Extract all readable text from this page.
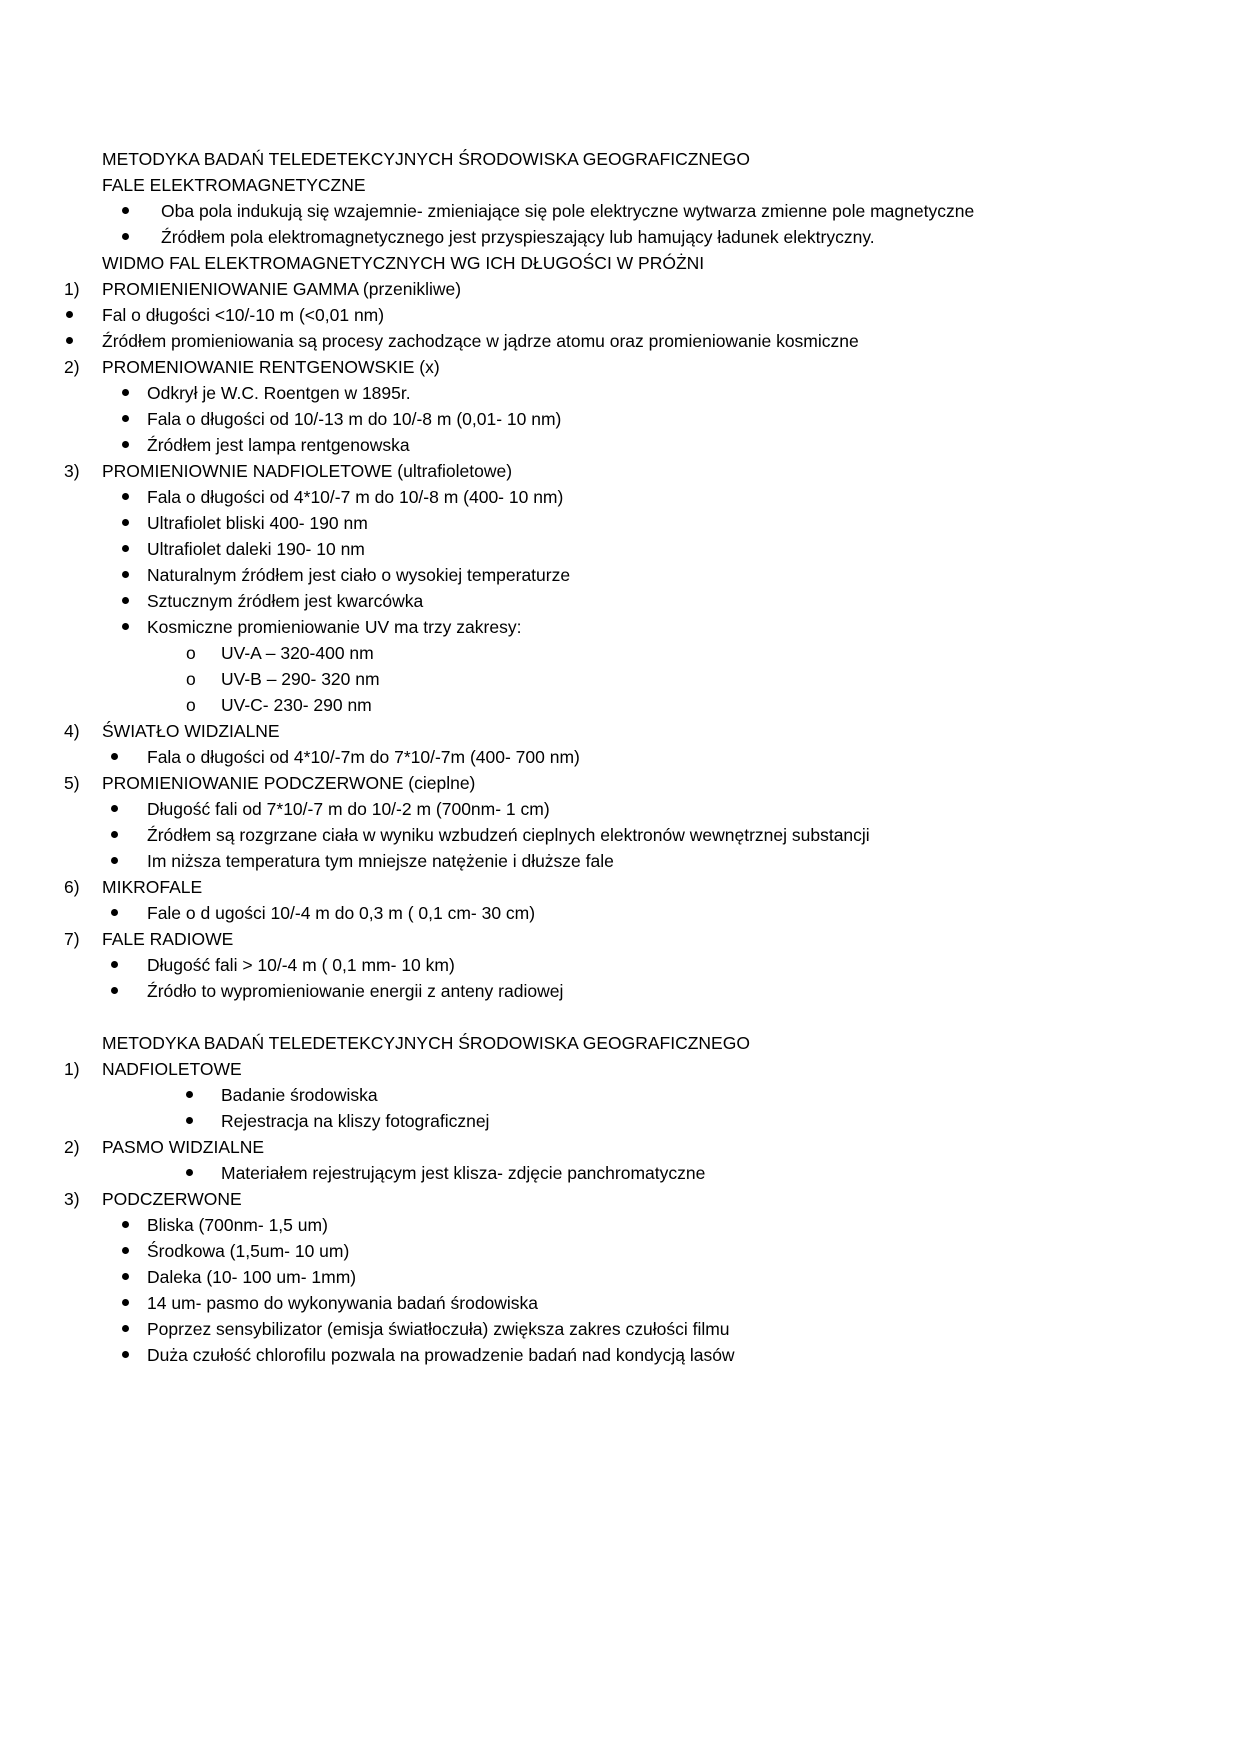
METODYKA BADAŃ TELEDETEKCYJNYCH ŚRODOWISKA GEOGRAFICZNEGO
FALE ELEKTROMAGNETYCZNE
Oba pola indukują się wzajemnie- zmieniające się pole elektryczne wytwarza zmienne pole magnetyczne
Źródłem pola elektromagnetycznego jest przyspieszający lub hamujący ładunek elektryczny.
WIDMO FAL ELEKTROMAGNETYCZNYCH WG ICH DŁUGOŚCI W PRÓŻNI
1) PROMIENIENIOWANIE GAMMA (przenikliwe)
Fal o długości <10/-10 m (<0,01 nm)
Źródłem promieniowania są procesy zachodzące w jądrze atomu oraz promieniowanie kosmiczne
2) PROMENIOWANIE RENTGENOWSKIE (x)
Odkrył je W.C. Roentgen w 1895r.
Fala o długości od 10/-13 m do 10/-8 m (0,01- 10 nm)
Źródłem jest lampa rentgenowska
3) PROMIENIOWNIE NADFIOLETOWE (ultrafioletowe)
Fala o długości od 4*10/-7 m do 10/-8 m (400- 10 nm)
Ultrafiolet bliski 400- 190 nm
Ultrafiolet daleki 190- 10 nm
Naturalnym źródłem jest ciało o wysokiej temperaturze
Sztucznym źródłem jest kwarcówka
Kosmiczne promieniowanie UV ma trzy zakresy:
o UV-A – 320-400 nm
o UV-B – 290- 320 nm
o UV-C- 230- 290 nm
4) ŚWIATŁO WIDZIALNE
Fala o długości od 4*10/-7m do 7*10/-7m (400- 700 nm)
5) PROMIENIOWANIE PODCZERWONE (cieplne)
Długość fali od 7*10/-7 m do 10/-2 m (700nm- 1 cm)
Źródłem są rozgrzane ciała w wyniku wzbudzeń cieplnych elektronów wewnętrznej substancji
Im niższa temperatura tym mniejsze natężenie i dłuższe fale
6) MIKROFALE
Fale o d ugości 10/-4 m do 0,3 m ( 0,1 cm- 30 cm)
7) FALE RADIOWE
Długość fali > 10/-4 m ( 0,1 mm- 10 km)
Źródło to wypromieniowanie energii z anteny radiowej
METODYKA BADAŃ TELEDETEKCYJNYCH ŚRODOWISKA GEOGRAFICZNEGO
1) NADFIOLETOWE
Badanie środowiska
Rejestracja na kliszy fotograficznej
2) PASMO WIDZIALNE
Materiałem rejestrującym jest klisza- zdjęcie panchromatyczne
3) PODCZERWONE
Bliska (700nm- 1,5 um)
Środkowa (1,5um- 10 um)
Daleka (10- 100 um- 1mm)
14 um- pasmo do wykonywania badań środowiska
Poprzez sensybilizator (emisja światłoczuła) zwiększa zakres czułości filmu
Duża czułość chlorofilu pozwala na prowadzenie badań nad kondycją lasów
